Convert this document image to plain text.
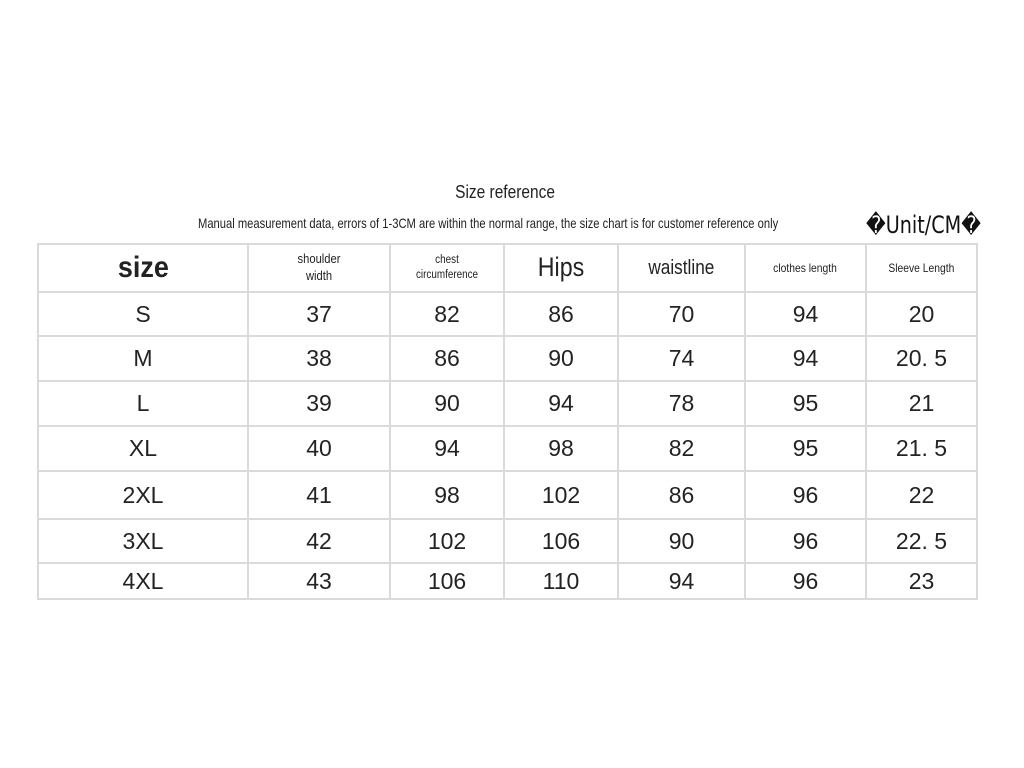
Size reference
Manual measurement data, errors of 1-3CM are within the normal range, the size chart is for customer reference only	�Unit/CM�
size	shoulder width	chest circumference	Hips	waistline	clothes length	Sleeve Length
S	37	82	86	70	94	20
M	38	86	90	74	94	20. 5
L	39	90	94	78	95	21
XL	40	94	98	82	95	21. 5
2XL	41	98	102	86	96	22
3XL	42	102	106	90	96	22. 5
4XL	43	106	110	94	96	23
